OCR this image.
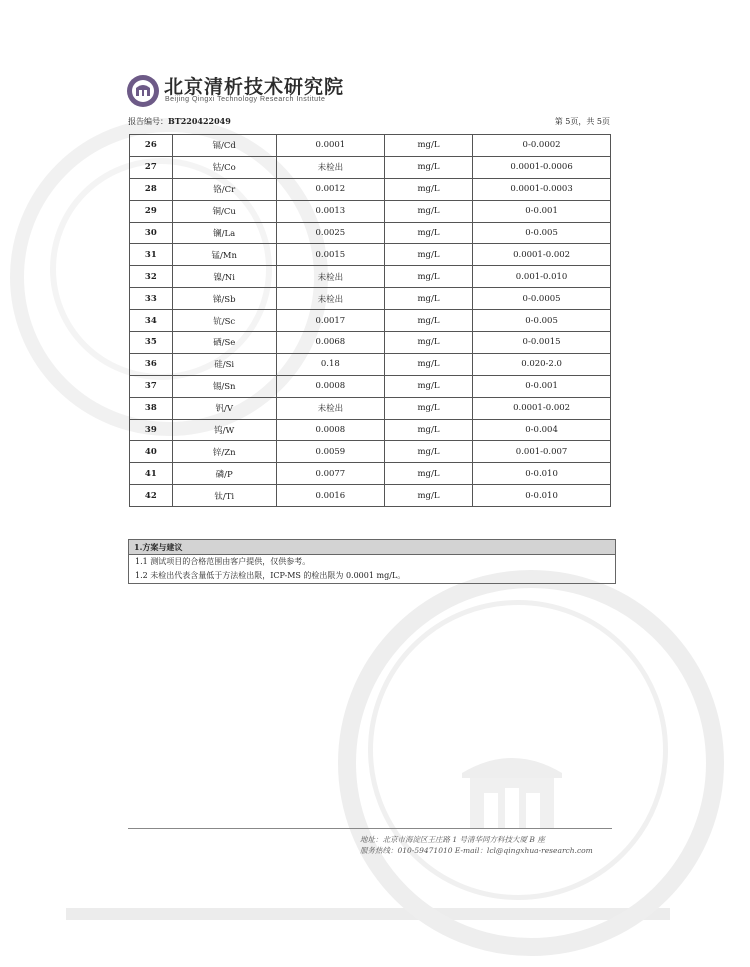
北京清析技术研究院
Beijing Qingxi Technology Research Institute
报告编号：BT220422049	第 5页，共 5页
26	镉/Cd	0.0001	mg/L	0-0.0002
27	钴/Co	未检出	mg/L	0.0001-0.0006
28	铬/Cr	0.0012	mg/L	0.0001-0.0003
29	铜/Cu	0.0013	mg/L	0-0.001
30	镧/La	0.0025	mg/L	0-0.005
31	锰/Mn	0.0015	mg/L	0.0001-0.002
32	镍/Ni	未检出	mg/L	0.001-0.010
33	锑/Sb	未检出	mg/L	0-0.0005
34	钪/Sc	0.0017	mg/L	0-0.005
35	硒/Se	0.0068	mg/L	0-0.0015
36	硅/Si	0.18	mg/L	0.020-2.0
37	锡/Sn	0.0008	mg/L	0-0.001
38	钒/V	未检出	mg/L	0.0001-0.002
39	钨/W	0.0008	mg/L	0-0.004
40	锌/Zn	0.0059	mg/L	0.001-0.007
41	磷/P	0.0077	mg/L	0-0.010
42	钛/Ti	0.0016	mg/L	0-0.010
1.方案与建议
1.1 测试项目的合格范围由客户提供，仅供参考。
1.2 未检出代表含量低于方法检出限，ICP-MS 的检出限为 0.0001 mg/L。
地址：北京市海淀区王庄路 1 号清华同方科技大厦 B 座
服务热线：010-59471010 E-mail：lcl@qingxhua-research.com
